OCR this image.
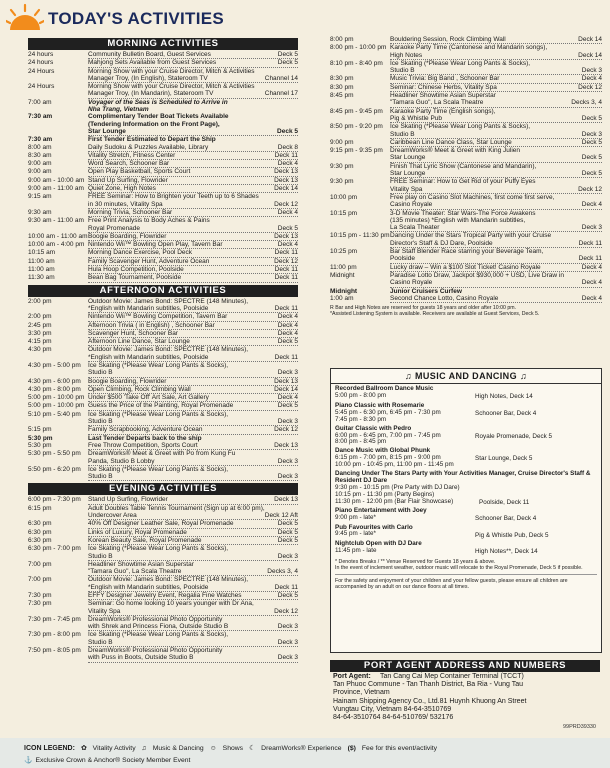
TODAY'S ACTIVITIES
MORNING ACTIVITIES
24 hours	Community Bulletin Board, Guest Services	Deck 5
24 hours	Mahjong Sets Available from Guest Services	Deck 5
24 Hours	Morning Show with your Cruise Director, Mitch & Activities
Manager Troy, (In English), Stateroom TV	Channel 14
24 Hours	Morning Show with your Cruise Director, Mitch & Activities
Manager Troy, (In Mandarin), Stateroom TV	Channel 17
7:00 am	Voyager of the Seas is Scheduled to Arrive in
Nha Trang, Vietnam
7:30 am	Complimentary Tender Boat Tickets Available
(Tendering Information on the Front Page),
Star Lounge	Deck 5
7:30 am	First Tender Estimated to Depart the Ship
8:00 am	Daily Sudoku & Puzzles Available, Library	Deck 8
8:30 am	Vitality Stretch, Fitness Center	Deck 11
9:00 am	Word Search, Schooner Bar	Deck 4
9:00 am	Open Play Basketball, Sports Court	Deck 13
9:00 am - 10:00 am Stand Up Surfing, Flowrider	Deck 13
9:00 am - 11:00 am Quiet Zone, High Notes	Deck 14
9:15 am	FREE Seminar: How to Brighten your Teeth up to 6 Shades
in 30 minutes, Vitality Spa	Deck 12
9:30 am	Morning Trivia, Schooner Bar	Deck 4
9:30 am - 11:00 am Free Print Analysis to Body Aches & Pains
Royal Promenade	Deck 5
10:00 am - 11:00 am Boogie Boarding, Flowrider	Deck 13
10:00 am - 4:00 pm Nintendo Wii™ Bowling Open Play, Tavern Bar	Deck 4
10:15 am	Morning Dance Exercise, Pool Deck	Deck 11
11:00 am	Family Scavenger Hunt, Adventure Ocean	Deck 12
11:00 am	Hula Hoop Competition, Poolside	Deck 11
11:30 am	Bean Bag Tournament, Poolside	Deck 11
AFTERNOON ACTIVITIES
2:00 pm	Outdoor Movie: James Bond: SPECTRE (148 Minutes),
*English with Mandarin subtitles, Poolside	Deck 11
2:00 pm	Nintendo Wii™ Bowling Competition, Tavern Bar	Deck 4
2:45 pm	Afternoon Trivia ( in English) , Schooner Bar	Deck 4
3:30 pm	Scavenger Hunt, Schooner Bar	Deck 4
4:15 pm	Afternoon Line Dance, Star Lounge	Deck 5
4:30 pm	Outdoor Movie: James Bond: SPECTRE (148 Minutes),
*English with Mandarin subtitles, Poolside	Deck 11
4:30 pm - 5:00 pm	Ice Skating (*Please Wear Long Pants & Socks),
Studio B	Deck 3
4:30 pm - 6:00 pm	Boogie Boarding, Flowrider	Deck 13
4:30 pm - 8:00 pm	Open Climbing, Rock Climbing Wall	Deck 14
5:00 pm - 10:00 pm Under $500 'Take Off' Art Sale, Art Gallery	Deck 4
5:00 pm - 10:00 pm Guess the Price of the Painting, Royal Promenade	Deck 5
5:10 pm - 5:40 pm	Ice Skating (*Please Wear Long Pants & Socks),
Studio B	Deck 3
5:15 pm	Family Scrapbooking, Adventure Ocean	Deck 12
5:30 pm	Last Tender Departs back to the ship
5:30 pm	Free Throw Competition, Sports Court	Deck 13
5:30 pm - 5:50 pm	DreamWorks® Meet & Greet with Po from Kung Fu
Panda, Studio B Lobby	Deck 3
5:50 pm - 6:20 pm	Ice Skating (*Please Wear Long Pants & Socks),
Studio B	Deck 3
EVENING ACTIVITIES
6:00 pm - 7:30 pm	Stand Up Surfing, Flowrider	Deck 13
6:15 pm	Adult Doubles Table Tennis Tournament (Sign up at 6:00 pm),
Undercover Area	Deck 12 Aft
6:30 pm	40% Off Designer Leather Sale, Royal Promenade	Deck 5
6:30 pm	Links of Luxury, Royal Promenade	Deck 5
6:30 pm	Korean Beauty Sale, Royal Promenade	Deck 5
6:30 pm - 7:00 pm	Ice Skating (*Please Wear Long Pants & Socks),
Studio B	Deck 3
7:00 pm	Headliner Showtime Asian Superstar
"Tamara Guo", La Scala Theatre	Decks 3, 4
7:00 pm	Outdoor Movie: James Bond: SPECTRE (148 Minutes),
*English with Mandarin subtitles, Poolside	Deck 11
7:30 pm	EFFY Designer Jewelry Event, Regalia Fine Watches	Deck 5
7:30 pm	Seminar: Go home looking 10 years younger with Dr Ana,
Vitality Spa	Deck 12
7:30 pm - 7:45 pm	DreamWorks® Professional Photo Opportunity
with Shrek and Princess Fiona, Outside Studio B	Deck 3
7:30 pm - 8:00 pm	Ice Skating (*Please Wear Long Pants & Socks),
Studio B	Deck 3
7:50 pm - 8:05 pm	DreamWorks® Professional Photo Opportunity
with Puss in Boots, Outside Studio B	Deck 3
8:00 pm	Bouldering Session, Rock Climbing Wall	Deck 14
8:00 pm - 10:00 pm Karaoke Party Time (Cantonese and Mandarin songs),
High Notes	Deck 14
8:10 pm - 8:40 pm	Ice Skating (*Please Wear Long Pants & Socks),
Studio B	Deck 3
8:30 pm	Music Trivia: Big Band , Schooner Bar	Deck 4
8:30 pm	Seminar: Chinese Herbs, Vitality Spa	Deck 12
8:45 pm	Headliner Showtime Asian Superstar
"Tamara Guo", La Scala Theatre	Decks 3, 4
8:45 pm - 9:45 pm	Karaoke Party Time (English songs),
Pig & Whistle Pub	Deck 5
8:50 pm - 9:20 pm	Ice Skating (*Please Wear Long Pants & Socks),
Studio B	Deck 3
9:00 pm	Caribbean Line Dance Class, Star Lounge	Deck 5
9:15 pm - 9:35 pm	DreamWorks® Meet & Greet with King Julien
Star Lounge	Deck 5
9:30 pm	Finish That Lyric Show (Cantonese and Mandarin),
Star Lounge	Deck 5
9:30 pm	FREE Seminar: How to Get Rid of your Puffy Eyes
Vitality Spa	Deck 12
10:00 pm	Free play on Casino Slot Machines, first come first serve,
Casino Royale	Deck 4
10:15 pm	3-D Movie Theater: Star Wars-The Force Awakens
(135 minutes) *English with Mandarin subtitles,
La Scala Theater	Deck 3
10:15 pm - 11:30 pm Dancing Under the Stars Tropical Party with your Cruise
Director's Staff & DJ Dare, Poolside	Deck 11
10:25 pm	Bar Staff Blender Race starring your Beverage Team,
Poolside	Deck 11
11:00 pm	Lucky draw – Win a $100 Slot Ticket! Casino Royale	Deck 4
Midnight	Paradise Lotto Draw, Jackpot $930,000 + USD, Live Draw in
Casino Royale	Deck 4
Midnight	Junior Cruisers Curfew
1:00 am	Second Chance Lotto, Casino Royale	Deck 4
R Bar and High Notes are reserved for guests 18 years and older after 10:00 pm.
*Assisted Listening System is available. Receivers are available at Guest Services, Deck 5.
♫ MUSIC AND DANCING ♫
Recorded Ballroom Dance Music
5:00 pm - 8:00 pm	High Notes, Deck 14
Piano Classic with Rosemarie
5:45 pm - 6:30 pm, 6:45 pm - 7:30 pm
7:45 pm - 8:30 pm
Schooner Bar, Deck 4
Guitar Classic with Pedro
6:00 pm - 6:45 pm, 7:00 pm - 7:45 pm
8:00 pm - 8:45 pm
Royale Promenade, Deck 5
Dance Music with Global Phunk
6:15 pm - 7:00 pm, 8:15 pm - 9:00 pm
10:00 pm - 10:45 pm, 11:00 pm - 11:45 pm
Star Lounge, Deck 5
Dancing Under The Stars Party with Your Activities Manager, Cruise Director's Staff & Resident DJ Dare
9:30 pm - 10:15 pm (Pre Party with DJ Dare)
10:15 pm - 11:30 pm (Party Begins)
11:30 pm - 12:00 pm (Bar Flair Showcase)	Poolside, Deck 11
Piano Entertainment with Joey
9:00 pm - late*	Schooner Bar, Deck 4
Pub Favourites with Carlo
9:45 pm - late*	Pig & Whistle Pub, Deck 5
Nightclub Open with DJ Dare
11:45 pm - late	High Notes**, Deck 14
* Denotes Breaks / ** Venue Reserved for Guests 18 years & above.
In the event of inclement weather, outdoor music will relocate to the Royal Promenade, Deck 5 if possible.
For the safety and enjoyment of your children and your fellow guests, please ensure all children are accompanied by an adult on our dance floors at all times.
PORT AGENT ADDRESS AND NUMBERS
Port Agent:	Tan Cang Cai Mep Container Terminal (TCCT)
Tan Phuoc Commune - Tan Thanh District, Ba Ria - Vung Tau
Province, Vietnam
Hainam Shipping Agency Co., Ltd.81 Huynh Khuong An Street
Vungtau City, Vietnam 84-64-3510769
84-64-3510764 84-64-510769/ 532176
99PRD39330
ICON LEGEND: ✿ Vitality Activity ♫ Music & Dancing ☺ Shows ☾ DreamWorks® Experience ($) Fee for this event/activity
⚓ Exclusive Crown & Anchor® Society Member Event
